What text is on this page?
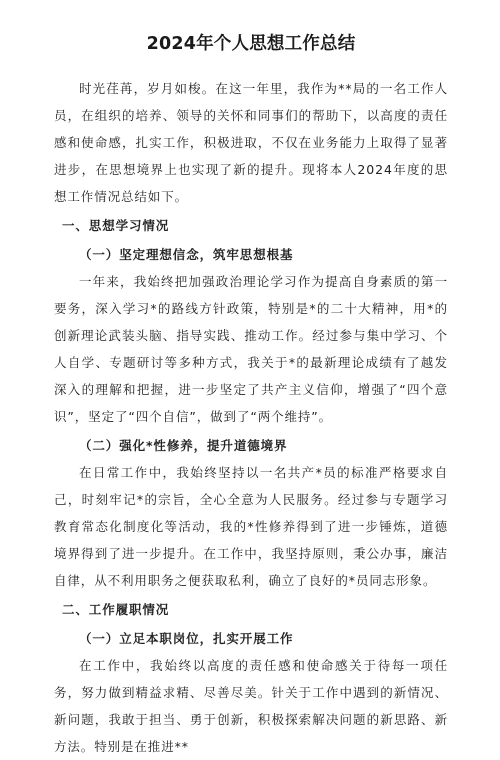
2024年个人思想工作总结

时光荏苒，岁月如梭。在这一年里，我作为**局的一名工作人员，在组织的培养、领导的关怀和同事们的帮助下，以高度的责任感和使命感，扎实工作，积极进取，不仅在业务能力上取得了显著进步，在思想境界上也实现了新的提升。现将本人2024年度的思想工作情况总结如下。

一、思想学习情况

（一）坚定理想信念，筑牢思想根基

一年来，我始终把加强政治理论学习作为提高自身素质的第一要务，深入学习*的路线方针政策，特别是*的二十大精神，用*的创新理论武装头脑、指导实践、推动工作。经过参与集中学习、个人自学、专题研讨等多种方式，我关于*的最新理论成绩有了越发深入的理解和把握，进一步坚定了共产主义信仰，增强了“四个意识”，坚定了“四个自信”，做到了“两个维持”。

（二）强化*性修养，提升道德境界

在日常工作中，我始终坚持以一名共产*员的标准严格要求自己，时刻牢记*的宗旨，全心全意为人民服务。经过参与专题学习教育常态化制度化等活动，我的*性修养得到了进一步锤炼，道德境界得到了进一步提升。在工作中，我坚持原则，秉公办事，廉洁自律，从不利用职务之便获取私利，确立了良好的*员同志形象。

二、工作履职情况

（一）立足本职岗位，扎实开展工作

在工作中，我始终以高度的责任感和使命感关于待每一项任务，努力做到精益求精、尽善尽美。针关于工作中遇到的新情况、新问题，我敢于担当、勇于创新，积极探索解决问题的新思路、新方法。特别是在推进**
